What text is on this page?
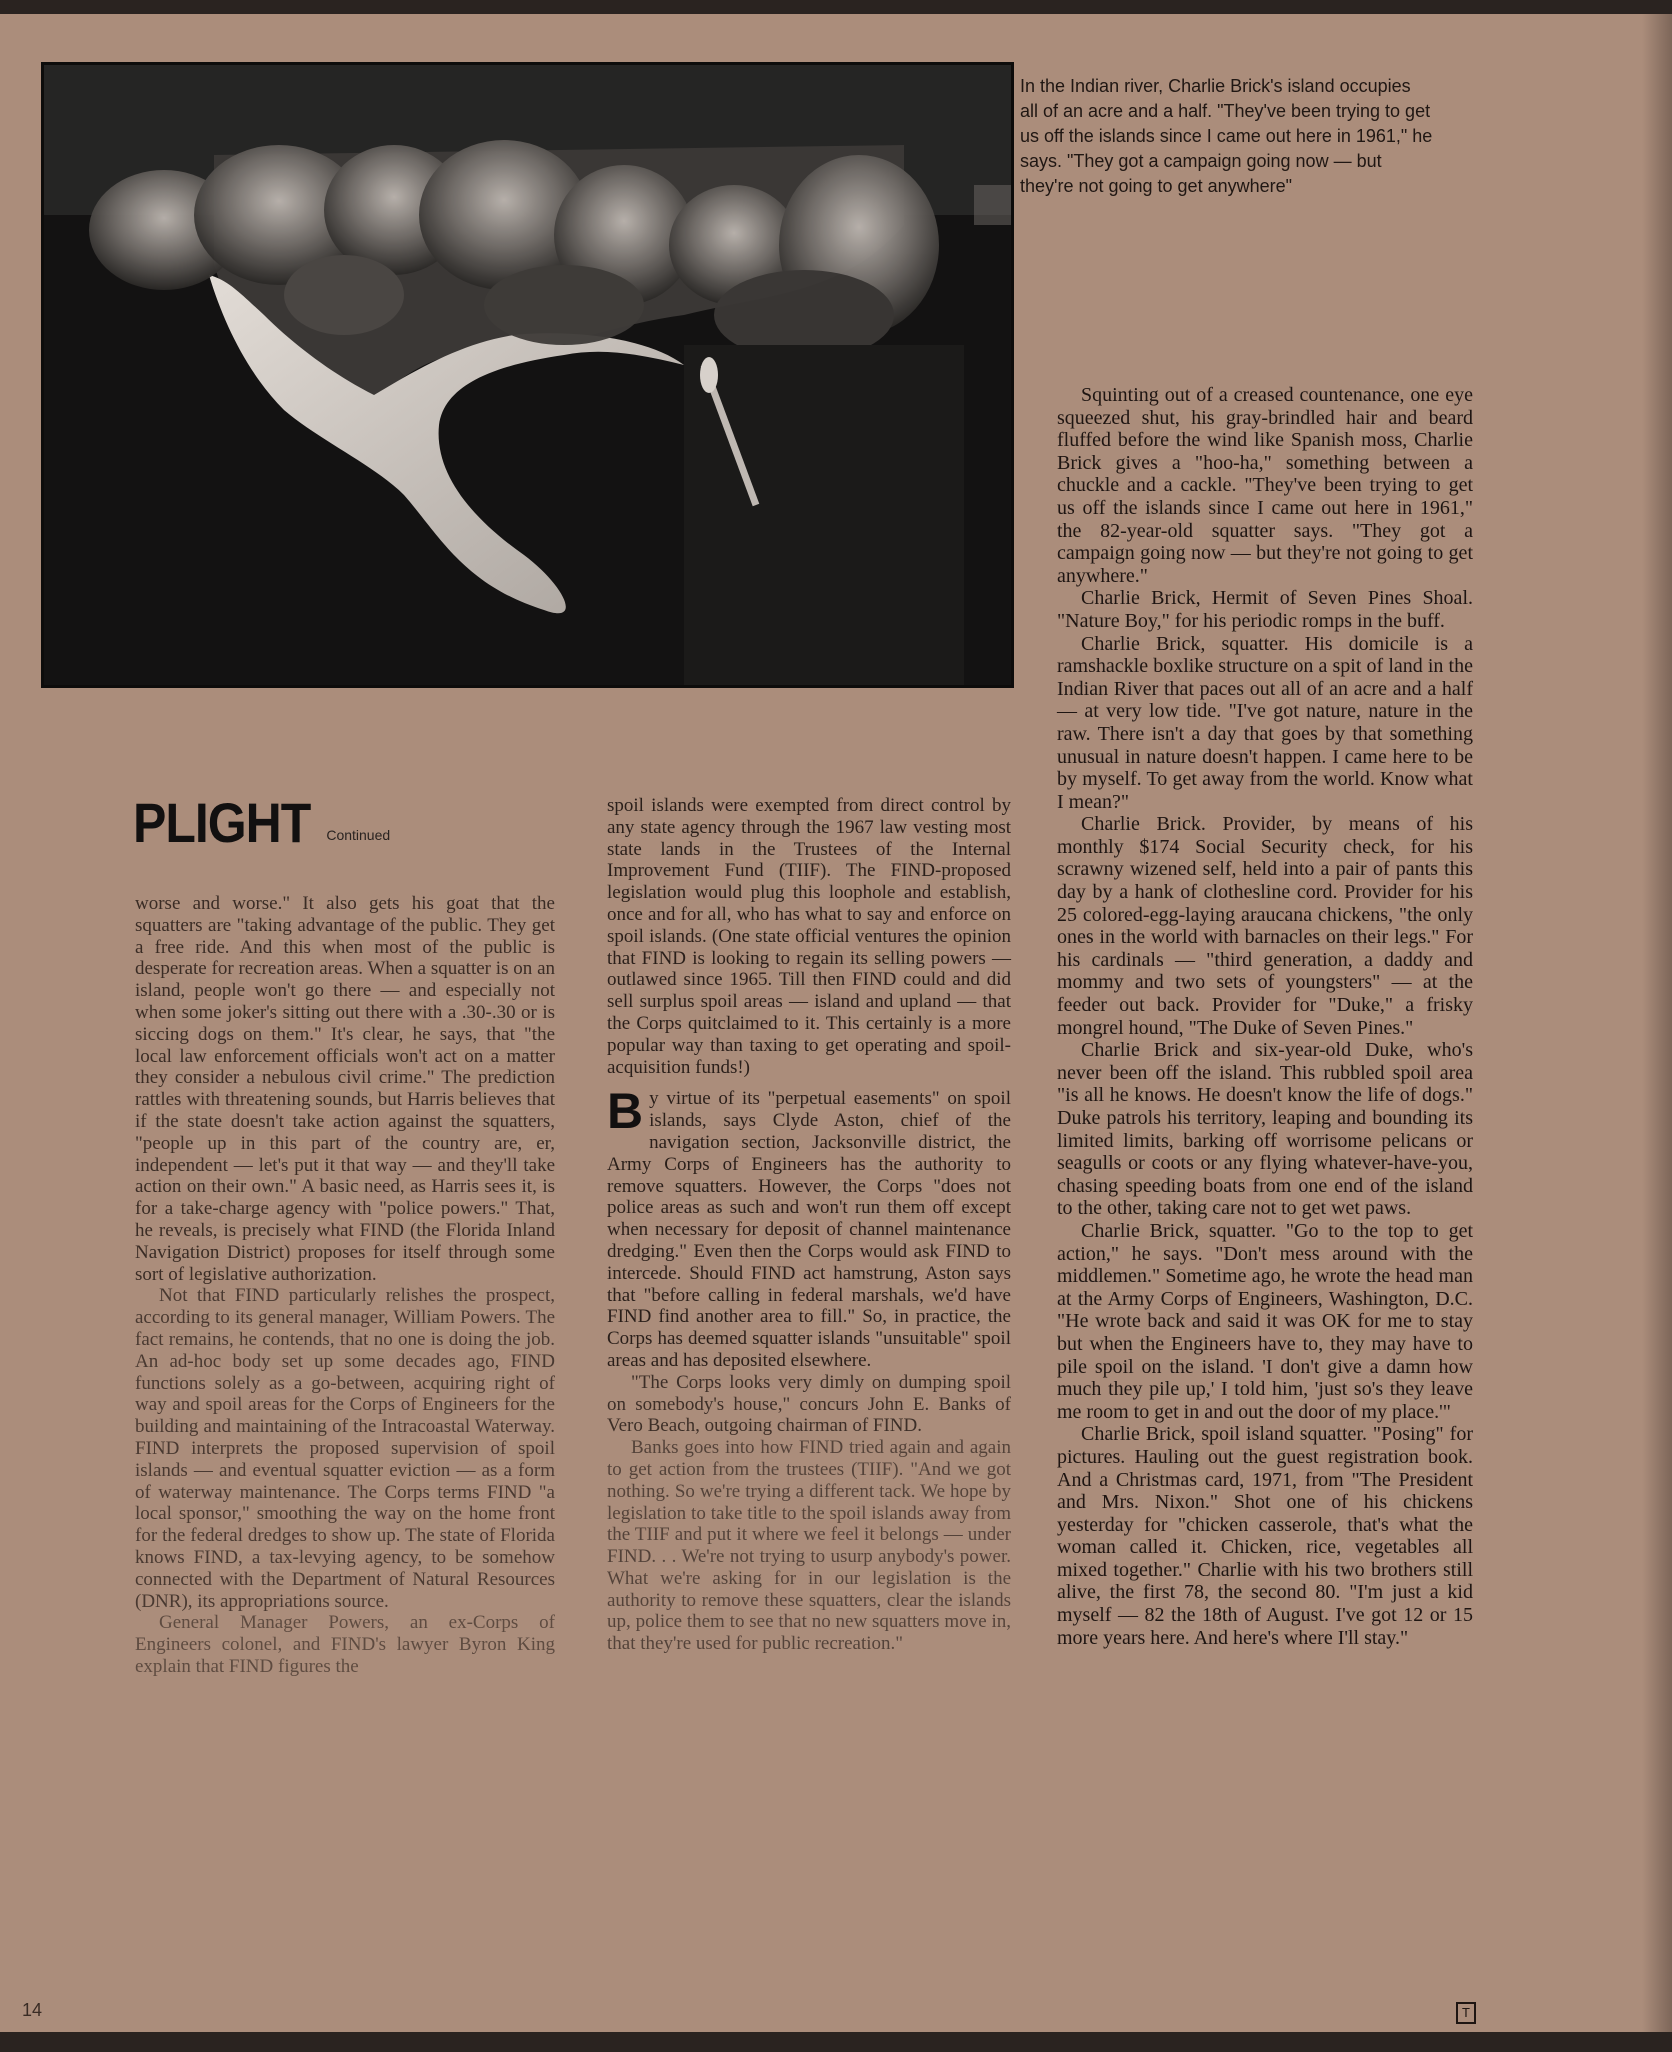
In the Indian river, Charlie Brick's island occupies

all of an acre and a half. "They've been trying to get

us off the islands since I came out here in 1961," he

says. "They got a campaign going now — but

they're not going to get anywhere"

PLIGHT Continued

worse and worse." It also gets his goat that the squatters are "taking advantage of the public. They get a free ride. And this when most of the public is desperate for recreation areas. When a squatter is on an island, people won't go there — and especially not when some joker's sitting out there with a .30-.30 or is siccing dogs on them." It's clear, he says, that "the local law enforcement officials won't act on a matter they consider a nebulous civil crime." The prediction rattles with threatening sounds, but Harris believes that if the state doesn't take action against the squatters, "people up in this part of the country are, er, independent — let's put it that way — and they'll take action on their own." A basic need, as Harris sees it, is for a take-charge agency with "police powers." That, he reveals, is precisely what FIND (the Florida Inland Navigation District) proposes for itself through some sort of legislative authorization.

Not that FIND particularly relishes the prospect, according to its general manager, William Powers. The fact remains, he contends, that no one is doing the job. An ad-hoc body set up some decades ago, FIND functions solely as a go-between, acquiring right of way and spoil areas for the Corps of Engineers for the building and maintaining of the Intracoastal Waterway. FIND interprets the proposed supervision of spoil islands — and eventual squatter eviction — as a form of waterway maintenance. The Corps terms FIND "a local sponsor," smoothing the way on the home front for the federal dredges to show up. The state of Florida knows FIND, a tax-levying agency, to be somehow connected with the Department of Natural Resources (DNR), its appropriations source.

General Manager Powers, an ex-Corps of Engineers colonel, and FIND's lawyer Byron King explain that FIND figures the

spoil islands were exempted from direct control by any state agency through the 1967 law vesting most state lands in the Trustees of the Internal Improvement Fund (TIIF). The FIND-proposed legislation would plug this loophole and establish, once and for all, who has what to say and enforce on spoil islands. (One state official ventures the opinion that FIND is looking to regain its selling powers — outlawed since 1965. Till then FIND could and did sell surplus spoil areas — island and upland — that the Corps quitclaimed to it. This certainly is a more popular way than taxing to get operating and spoil-acquisition funds!)

By virtue of its "perpetual easements" on spoil islands, says Clyde Aston, chief of the navigation section, Jacksonville district, the Army Corps of Engineers has the authority to remove squatters. However, the Corps "does not police areas as such and won't run them off except when necessary for deposit of channel maintenance dredging." Even then the Corps would ask FIND to intercede. Should FIND act hamstrung, Aston says that "before calling in federal marshals, we'd have FIND find another area to fill." So, in practice, the Corps has deemed squatter islands "unsuitable" spoil areas and has deposited elsewhere.

"The Corps looks very dimly on dumping spoil on somebody's house," concurs John E. Banks of Vero Beach, outgoing chairman of FIND.

Banks goes into how FIND tried again and again to get action from the trustees (TIIF). "And we got nothing. So we're trying a different tack. We hope by legislation to take title to the spoil islands away from the TIIF and put it where we feel it belongs — under FIND. . . We're not trying to usurp anybody's power. What we're asking for in our legislation is the authority to remove these squatters, clear the islands up, police them to see that no new squatters move in, that they're used for public recreation."

Squinting out of a creased countenance, one eye squeezed shut, his gray-brindled hair and beard fluffed before the wind like Spanish moss, Charlie Brick gives a "hoo-ha," something between a chuckle and a cackle. "They've been trying to get us off the islands since I came out here in 1961," the 82-year-old squatter says. "They got a campaign going now — but they're not going to get anywhere."

Charlie Brick, Hermit of Seven Pines Shoal. "Nature Boy," for his periodic romps in the buff.

Charlie Brick, squatter. His domicile is a ramshackle boxlike structure on a spit of land in the Indian River that paces out all of an acre and a half — at very low tide. "I've got nature, nature in the raw. There isn't a day that goes by that something unusual in nature doesn't happen. I came here to be by myself. To get away from the world. Know what I mean?"

Charlie Brick. Provider, by means of his monthly $174 Social Security check, for his scrawny wizened self, held into a pair of pants this day by a hank of clothesline cord. Provider for his 25 colored-egg-laying araucana chickens, "the only ones in the world with barnacles on their legs." For his cardinals — "third generation, a daddy and mommy and two sets of youngsters" — at the feeder out back. Provider for "Duke," a frisky mongrel hound, "The Duke of Seven Pines."

Charlie Brick and six-year-old Duke, who's never been off the island. This rubbled spoil area "is all he knows. He doesn't know the life of dogs." Duke patrols his territory, leaping and bounding its limited limits, barking off worrisome pelicans or seagulls or coots or any flying whatever-have-you, chasing speeding boats from one end of the island to the other, taking care not to get wet paws.

Charlie Brick, squatter. "Go to the top to get action," he says. "Don't mess around with the middlemen." Sometime ago, he wrote the head man at the Army Corps of Engineers, Washington, D.C. "He wrote back and said it was OK for me to stay but when the Engineers have to, they may have to pile spoil on the island. 'I don't give a damn how much they pile up,' I told him, 'just so's they leave me room to get in and out the door of my place.'"

Charlie Brick, spoil island squatter. "Posing" for pictures. Hauling out the guest registration book. And a Christmas card, 1971, from "The President and Mrs. Nixon." Shot one of his chickens yesterday for "chicken casserole, that's what the woman called it. Chicken, rice, vegetables all mixed together." Charlie with his two brothers still alive, the first 78, the second 80. "I'm just a kid myself — 82 the 18th of August. I've got 12 or 15 more years here. And here's where I'll stay."

14	T
